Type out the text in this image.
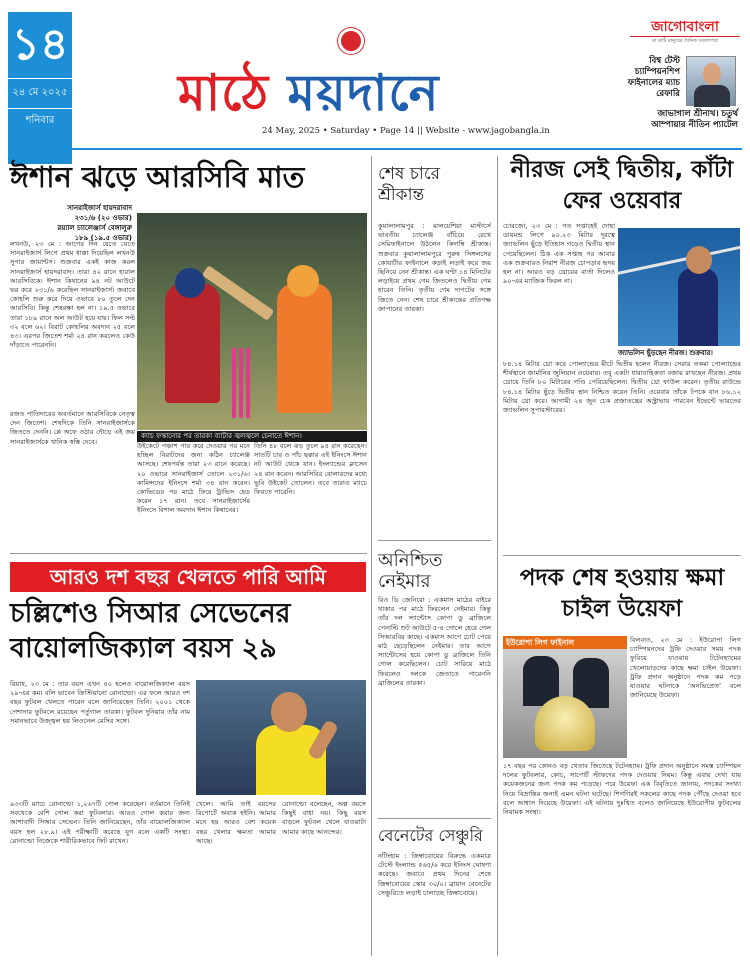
১৪
২৪ মে ২০২৫
শনিবার	মাঠে ময়দানে
24 May, 2025 • Saturday • Page 14 || Website - www.jagobangla.in
জাগোবাংলা
মা মাটি মানুষের দৈনিক সংবাদপত্র
বিশ্ব টেস্ট
চ্যাম্পিয়নশিপ
ফাইনালের ম্যাচ
রেফারি
জাভাগাল শ্রীনাথ। চতুর্থ
আম্পায়ার নীতিন প্যাটেল
ঈশান ঝড়ে আরসিবি মাত
সানরাইজার্স হায়দরাবাদ
২৩১/৬ (২০ ওভার)
রয়্যাল চ্যালেঞ্জার্স বেঙ্গালুরু
১৮৯ (১৯.৫ ওভার)
ক্যাচ ফস্কানোর পর তারকা ব্যাটার জ্বলজ্বলে চেনাতে ঈশান।
লখনউ, ২৩ মে : আগের দিন যেতে যেতে সানরাইজার্স লিগে প্রথম ধাক্কা দিয়েছিল লখনউ সুপার জায়ান্টস। শুক্রবার একই কাজ করল সানরাইজার্স হায়দরাবাদ। তারা ৪২ রানে হারাল আরসিবিকে। ঈশান কিষানের ৯৪ নট আউটে ভর করে ২৩১/৬ করেছিল সানরাইজার্স। জবাবে কোহলি শুরু করে দিয়ে ওভারে ৮০ তুলে দেন আরসিবি। কিন্তু শেষরক্ষা হল না। ১৯.৫ ওভারে তারা ১৮৯ রানে অল আউট হয়ে যায়। ফিল সল্ট ৩২ বলে ৬২। বিরাট কোহলির অবদান ২৫ বলে ৪৩। এরপর জিতেশ শর্মা ২৪ রান করলেও কেউ দাঁড়াতে পারেননি।
রজত পাতিদারের অবর্তমানে আরসিবিকে নেতৃত্ব দেন জিতেশ। শেষদিকে তিনি সানরাইজার্সকে জিততে দেননি। প্লে অফে ওঠার দৌড়ে এই জয় সানরাইজার্সকে খানিক স্বস্তি দেবে।
উইকেটে পঞ্চাশ পার করে দেওয়ার পর মনে হচ্ছিল বিরাটদের জন্য কঠিন চ্যালেঞ্জ আসছে। শেষপর্যন্ত তারা ২৩ রানে করেছে। ২০ ওভারে সানরাইজার্স তোলে ২৩১/৬। কামিন্সদের ইনিংসে শর্মা ৩৪ রান করেন। কোভিডের পর মাঠে ফিরে ট্রাভিস হেড করেন ১৭ রান। তবে সানরাইজার্সের ইনিংসে বিশাল অবদান ঈশান কিষানের।
তিনি ৪৮ বলে ঝড় তুলে ৯৪ রান করেছেন। সাতটি চার ও পাঁচ ছক্কার এই ইনিংসে ঈশান নট আউট থেকে যান। ইংল্যান্ডের ক্লাসেন ২৪ রান করেন। আরসিবির বোলারদের মধ্যে ভুবি উইকেট তোলেন। তবে তারাও ম্যাচে ফিরতে পারেনি।
আরও দশ বছর খেলতে পারি আমি
চল্লিশেও সিআর সেভেনের বায়োলজিক্যাল বয়স ২৯
রিয়াধ, ২৩ মে : তার বয়স এখন ৪০ হলেও বায়োলজিক্যাল বয়স ২৯-এর কম। বলি ভাবেন ক্রিস্টিয়ানো রোনাল্ডো। এর ফলে আরও দশ বছর ফুটবল খেলতে পারেন বলে জানিয়েছেন তিনি। ২০০১ থেকে পেশাদার ফুটবলে রয়েছেন পর্তুগাল তারকা। ফুটবল দুনিয়ায় তাঁর নাম সমানভাবে উজ্জ্বল হয় লিওনেল মেসির সঙ্গে।
৯৩৩টি ম্যাচে রোনাল্ডো ১,২৬৭টি গোল করেছেন। বর্তমানে তিনিই সবথেকে বেশি গোল করা ফুটবলার। আরও গোল করার জন্য আশাবাদী সিআর সেভেন। তিনি জানিয়েছেন, তাঁর বায়োলজিক্যাল বয়স হল ২৮.৯। এই পরীক্ষাটি করেছে যুগ বলে একটি সংস্থা। রোনাল্ডো নিজেকে শারীরিকভাবে ফিট রাখেন।
খেলে। আমি তাই বয়সের রিপোর্টে অবাক হইনি। আমার মনে হয় আরও বেশ কয়েক বছর খেলার ক্ষমতা আমার আছে।
রোনাল্ডো বলেছেন, অল্প বয়সে কিছুই বাধা নয়। কিছু বয়স বাড়লে ফুটবল খেলে যাওয়াটা আমার কাছে আনন্দের।
শেষ চারে
শ্রীকান্ত
কুয়ালালামপুর : মালয়েশিয়া মাস্টার্সে ভারতীয় চ্যালেঞ্জ বাঁচিয়ে রেখে সেমিফাইনালে উঠলেন কিদাম্বি শ্রীকান্ত। শুক্রবার কুয়ালালামপুরে পুরুষ সিঙ্গলসের কোয়ার্টার ফাইনালে কড়াই লড়াই করে জয় ছিনিয়ে নেন শ্রীকান্ত। এক ঘণ্টা ১৪ মিনিটের লড়াইয়ে প্রথম গেম জিতলেও দ্বিতীয় গেম হারেন তিনি। তৃতীয় গেম দাপটের সঙ্গে জিতে নেন। শেষ চারে শ্রীকান্তের প্রতিপক্ষ জাপানের তারকা।
অনিশ্চিত
নেইমার
রিও ডি জেনিরো : একমাস মাঠের বাইরে থাকার পর মাঠে ফিরলেন নেইমার। কিন্তু তাঁর দল স্যান্টোস কোপা ডু ব্রাজিলে পেনাল্টি শুট আউটে ৫-৪ গোলে হেরে গেল সিআরবির কাছে। একমাস আগে চোট পেয়ে মাঠ ছেড়েছিলেন নেইমার। তার আগে স্যান্টোসের হয়ে কোপা ডু ব্রাজিলে তিনি গোল করেছিলেন। চোট সারিয়ে মাঠে ফিরলেও দলকে জেতাতে পারেননি ব্রাজিলের তারকা।
বেনেটের সেঞ্চুরি
নটিংহাম : জিম্বাবোয়ের বিরুদ্ধে একমাত্র টেস্টে ইংল্যান্ড ৫৬৫/৬ করে ইনিংস ঘোষণা করেছে। জবাবে প্রথম দিনের শেষে জিম্বাবোয়ের স্কোর ৩০/০। ব্রায়ান বেনেটের সেঞ্চুরিতে লড়াই চালাচ্ছে জিম্বাবোয়ে।
নীরজ সেই দ্বিতীয়, কাঁটা ফের ওয়েবার
চোরজো, ২৩ মে : গত সপ্তাহেই দোহা ডায়মন্ড লিগে ৯০.২৩ মিটার দূরত্বে জ্যাভলিন ছুঁড়ে ইতিহাস গড়েও দ্বিতীয় স্থান পেয়েছিলেন। ঠিক এক সপ্তাহ পর আবার এক শুক্রবারও নিরাশ নীরজ চোপড়ার হৃদয় হল না। আরও বড় থ্রোয়ের বার্তা দিলেও ৯০-এর ম্যাজিক ফিরল না।
জ্যাভলিন ছুঁড়ছেন নীরজ। শুক্রবার।
৮৪.১৪ মিটার থ্রো করে পোল্যান্ডের মীটে দ্বিতীয় হলেন নীরজ। সেরার তকমা পোল্যান্ডের শীর্ষস্থানে জার্মানির জুলিয়ান ওয়েবার। তবু একটা ধারাবাহিকতা বজায় রাখছেন নীরজ। প্রথম থ্রোয়ে তিনি ৮০ মিটারের গণ্ডি পেরিয়েছিলেন। দ্বিতীয় থ্রো ফাউল করেন। তৃতীয় রাউন্ডে ৮৪.১৪ মিটার ছুঁড়ে দ্বিতীয় স্থান নিশ্চিত করেন তিনি। ওয়েবার তাঁকে টপকে যান ৮৬.১২ মিটার থ্রো করে। আগামী ২৪ জুন চেক প্রজাতন্ত্রের অস্ট্রাভায় পারবেন ইভেন্টে ভারতের জ্যাভলিন সুপারস্টারের।
পদক শেষ হওয়ায় ক্ষমা চাইল উয়েফা
ইউরোপা লিগ ফাইনাল	বিলবাও, ২৩ মে : ইউরোপা লিগ চ্যাম্পিয়নদের ট্রফি দেওয়ার সময় পদক ফুরিয়ে যাওয়ায় টটেনহ্যামের খেলোয়াড়দের কাছে ক্ষমা চাইল উয়েফা। ট্রফি প্রদান অনুষ্ঠানে পদক কম পড়ে যাওয়ার ঘটনাকে ‘অনভিপ্রেত’ বলে জানিয়েছে উয়েফা।
১৭ বছর পর কোনও বড় খেতাব জিতেছে টটেনহ্যাম। ট্রফি প্রদান অনুষ্ঠানে সমস্ত চ্যাম্পিয়ন দলের ফুটবলার, কোচ, সাপোর্ট স্টাফদের পদক দেওয়ার নিয়ম। কিন্তু এবার দেখা যায় কয়েকজনের জন্য পদক কম পড়েছে। পরে উয়েফা এক বিবৃতিতে জানায়, পদকের সংখ্যা নিয়ে বিভ্রান্তির জন্যই এমন ঘটনা ঘটেছে। শিগগিরই সকলের কাছে পদক পৌঁছে দেওয়া হবে বলে আশ্বাস দিয়েছে উয়েফা। এই ঘটনায় দুঃখিত বলেও জানিয়েছে ইউরোপীয় ফুটবলের নিয়ামক সংস্থা।
